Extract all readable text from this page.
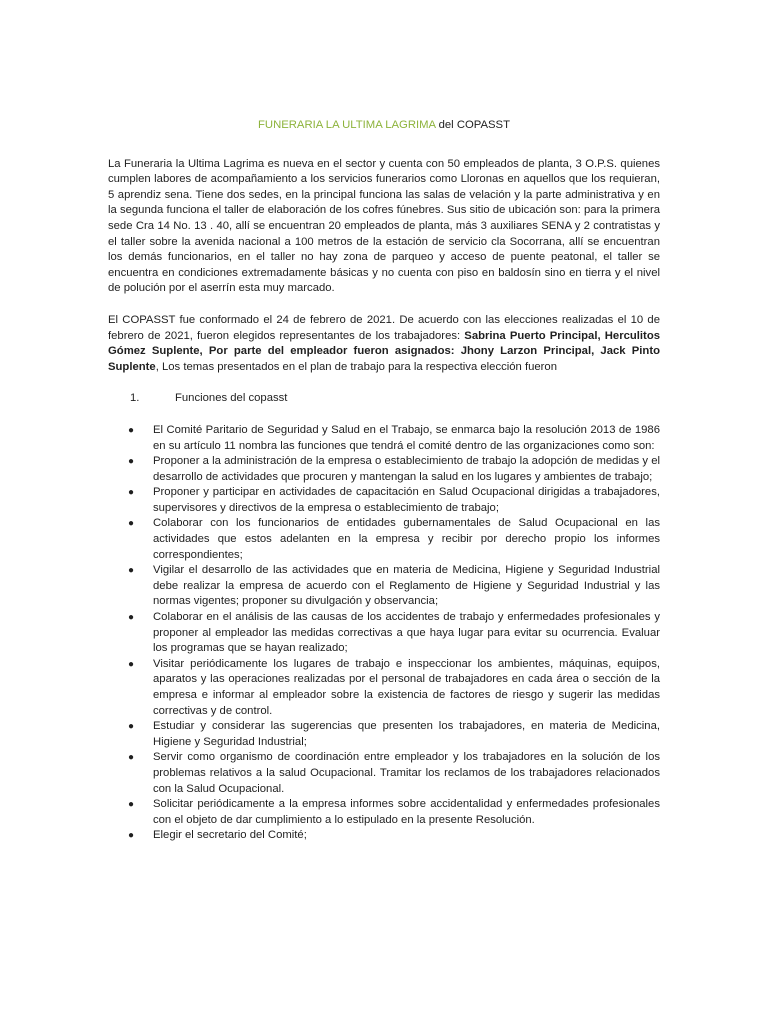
FUNERARIA LA ULTIMA LAGRIMA del COPASST

La Funeraria la Ultima Lagrima es nueva en el sector y cuenta con 50 empleados de planta, 3 O.P.S. quienes cumplen labores de acompañamiento a los servicios funerarios como Lloronas en aquellos que los requieran, 5 aprendiz sena. Tiene dos sedes, en la principal funciona las salas de velación y la parte administrativa y en la segunda funciona el taller de elaboración de los cofres fúnebres. Sus sitio de ubicación son: para la primera sede Cra 14 No. 13 . 40, allí se encuentran 20 empleados de planta, más 3 auxiliares SENA y 2 contratistas y el taller sobre la avenida nacional a 100 metros de la estación de servicio cla Socorrana, allí se encuentran los demás funcionarios, en el taller no hay zona de parqueo y acceso de puente peatonal, el taller se encuentra en condiciones extremadamente básicas y no cuenta con piso en baldosín sino en tierra y el nivel de polución por el aserrín esta muy marcado.

El COPASST fue conformado el 24 de febrero de 2021. De acuerdo con las elecciones realizadas el 10 de febrero de 2021, fueron elegidos representantes de los trabajadores: Sabrina Puerto Principal, Herculitos Gómez Suplente, Por parte del empleador fueron asignados: Jhony Larzon Principal, Jack Pinto Suplente, Los temas presentados en el plan de trabajo para la respectiva elección fueron

1.	Funciones del copasst
●	El Comité Paritario de Seguridad y Salud en el Trabajo, se enmarca bajo la resolución 2013 de 1986 en su artículo 11 nombra las funciones que tendrá el comité dentro de las organizaciones como son:
●	Proponer a la administración de la empresa o establecimiento de trabajo la adopción de medidas y el desarrollo de actividades que procuren y mantengan la salud en los lugares y ambientes de trabajo;
●	Proponer y participar en actividades de capacitación en Salud Ocupacional dirigidas a trabajadores, supervisores y directivos de la empresa o establecimiento de trabajo;
●	Colaborar con los funcionarios de entidades gubernamentales de Salud Ocupacional en las actividades que estos adelanten en la empresa y recibir por derecho propio los informes correspondientes;
●	Vigilar el desarrollo de las actividades que en materia de Medicina, Higiene y Seguridad Industrial debe realizar la empresa de acuerdo con el Reglamento de Higiene y Seguridad Industrial y las normas vigentes; proponer su divulgación y observancia;
●	Colaborar en el análisis de las causas de los accidentes de trabajo y enfermedades profesionales y proponer al empleador las medidas correctivas a que haya lugar para evitar su ocurrencia. Evaluar los programas que se hayan realizado;
●	Visitar periódicamente los lugares de trabajo e inspeccionar los ambientes, máquinas, equipos, aparatos y las operaciones realizadas por el personal de trabajadores en cada área o sección de la empresa e informar al empleador sobre la existencia de factores de riesgo y sugerir las medidas correctivas y de control.
●	Estudiar y considerar las sugerencias que presenten los trabajadores, en materia de Medicina, Higiene y Seguridad Industrial;
●	Servir como organismo de coordinación entre empleador y los trabajadores en la solución de los problemas relativos a la salud Ocupacional. Tramitar los reclamos de los trabajadores relacionados con la Salud Ocupacional.
●	Solicitar periódicamente a la empresa informes sobre accidentalidad y enfermedades profesionales con el objeto de dar cumplimiento a lo estipulado en la presente Resolución.
●	Elegir el secretario del Comité;
